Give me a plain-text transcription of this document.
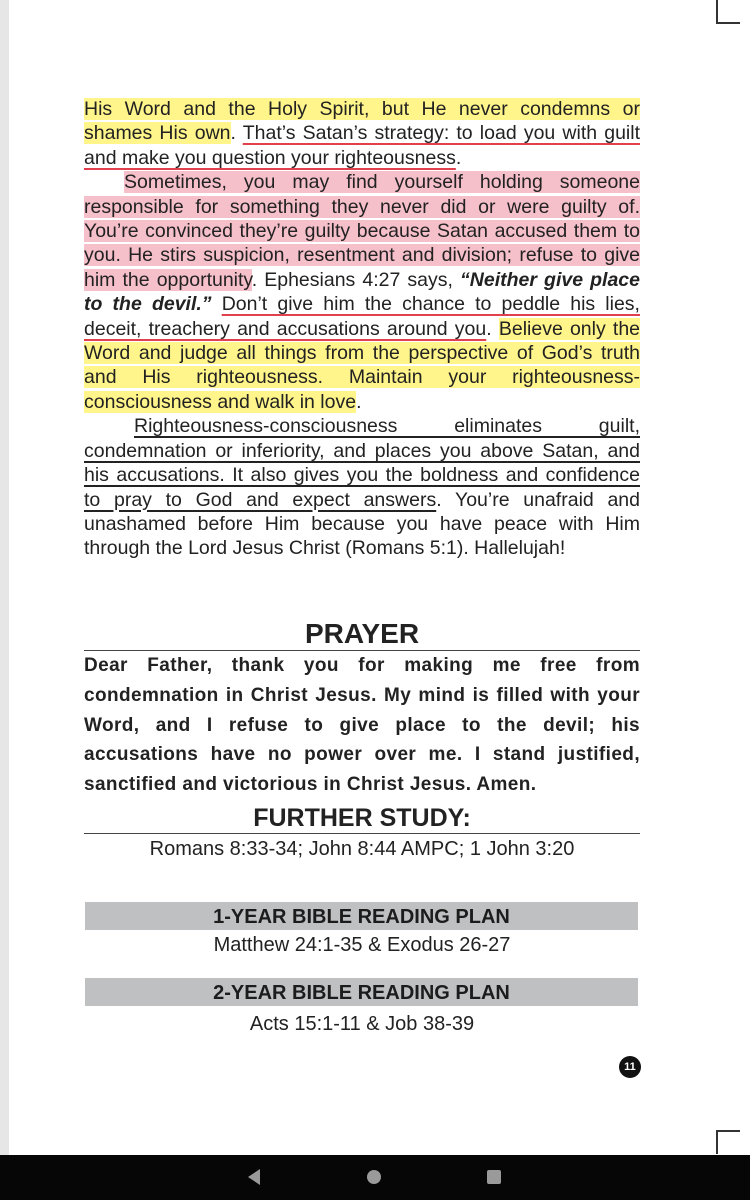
His Word and the Holy Spirit, but He never condemns or shames His own. That’s Satan’s strategy: to load you with guilt and make you question your righteousness.

Sometimes, you may find yourself holding someone responsible for something they never did or were guilty of. You’re convinced they’re guilty because Satan accused them to you. He stirs suspicion, resentment and division; refuse to give him the opportunity. Ephesians 4:27 says, “Neither give place to the devil.” Don’t give him the chance to peddle his lies, deceit, treachery and accusations around you. Believe only the Word and judge all things from the perspective of God’s truth and His righteousness. Maintain your righteousness-consciousness and walk in love.

Righteousness-consciousness eliminates guilt, condemnation or inferiority, and places you above Satan, and his accusations. It also gives you the boldness and confidence to pray to God and expect answers. You’re unafraid and unashamed before Him because you have peace with Him through the Lord Jesus Christ (Romans 5:1). Hallelujah!

PRAYER
Dear Father, thank you for making me free from condemnation in Christ Jesus. My mind is filled with your Word, and I refuse to give place to the devil; his accusations have no power over me. I stand justified, sanctified and victorious in Christ Jesus. Amen.
FURTHER STUDY:
Romans 8:33-34; John 8:44 AMPC; 1 John 3:20
1-YEAR BIBLE READING PLAN
Matthew 24:1-35 & Exodus 26-27
2-YEAR BIBLE READING PLAN
Acts 15:1-11 & Job 38-39
11
